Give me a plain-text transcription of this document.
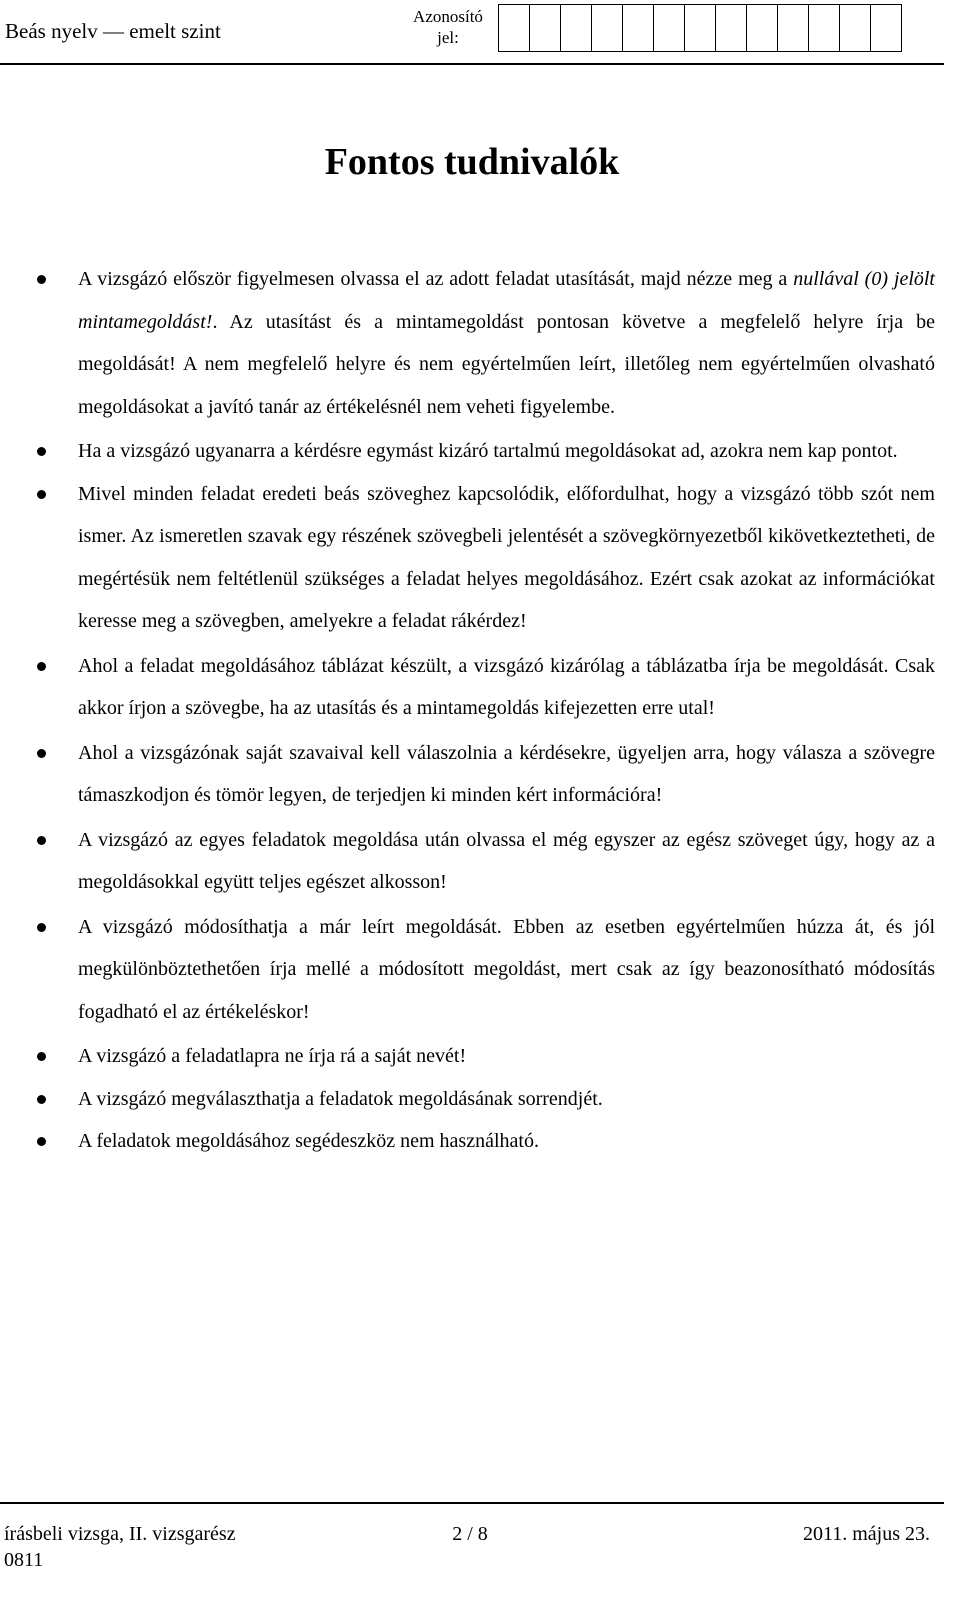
Beás nyelv — emelt szint
Azonosító jel:
Fontos tudnivalók
A vizsgázó először figyelmesen olvassa el az adott feladat utasítását, majd nézze meg a nullával (0) jelölt mintamegoldást!. Az utasítást és a mintamegoldást pontosan követve a megfelelő helyre írja be megoldását! A nem megfelelő helyre és nem egyértelműen leírt, illetőleg nem egyértelműen olvasható megoldásokat a javító tanár az értékelésnél nem veheti figyelembe.
Ha a vizsgázó ugyanarra a kérdésre egymást kizáró tartalmú megoldásokat ad, azokra nem kap pontot.
Mivel minden feladat eredeti beás szöveghez kapcsolódik, előfordulhat, hogy a vizsgázó több szót nem ismer. Az ismeretlen szavak egy részének szövegbeli jelentését a szövegkörnyezetből kikövetkeztetheti, de megértésük nem feltétlenül szükséges a feladat helyes megoldásához. Ezért csak azokat az információkat keresse meg a szövegben, amelyekre a feladat rákérdez!
Ahol a feladat megoldásához táblázat készült, a vizsgázó kizárólag a táblázatba írja be megoldását. Csak akkor írjon a szövegbe, ha az utasítás és a mintamegoldás kifejezetten erre utal!
Ahol a vizsgázónak saját szavaival kell válaszolnia a kérdésekre, ügyeljen arra, hogy válasza a szövegre támaszkodjon és tömör legyen, de terjedjen ki minden kért információra!
A vizsgázó az egyes feladatok megoldása után olvassa el még egyszer az egész szöveget úgy, hogy az a megoldásokkal együtt teljes egészet alkosson!
A vizsgázó módosíthatja a már leírt megoldását. Ebben az esetben egyértelműen húzza át, és jól megkülönböztethetően írja mellé a módosított megoldást, mert csak az így beazonosítható módosítás fogadható el az értékeléskor!
A vizsgázó a feladatlapra ne írja rá a saját nevét!
A vizsgázó megválaszthatja a feladatok megoldásának sorrendjét.
A feladatok megoldásához segédeszköz nem használható.
írásbeli vizsga, II. vizsgarész
0811
2 / 8	2011. május 23.
